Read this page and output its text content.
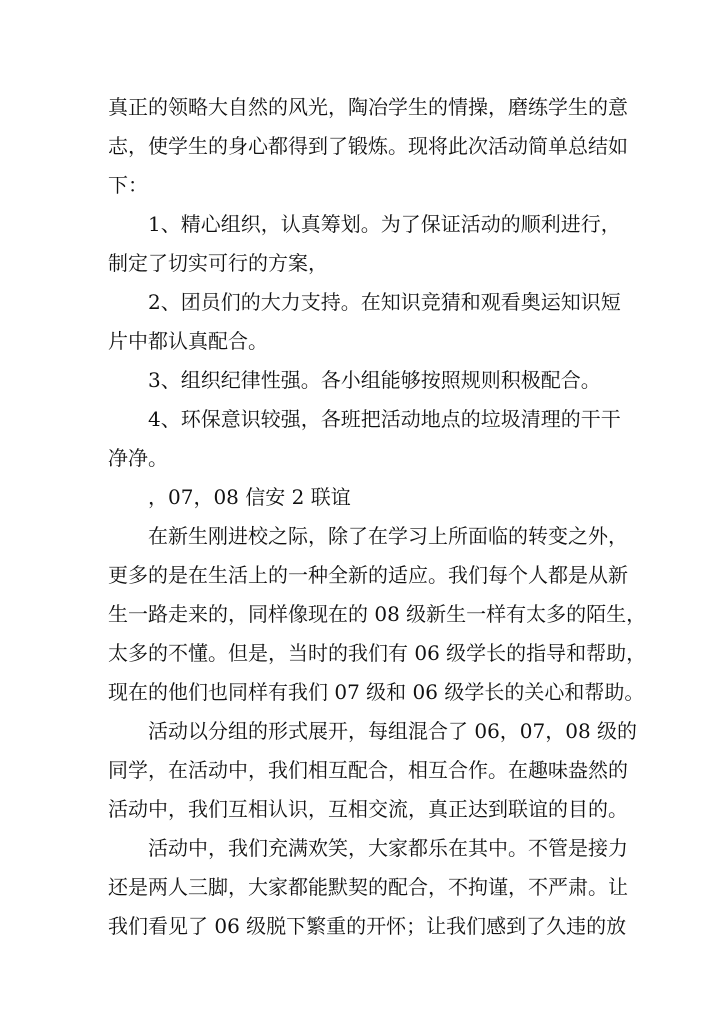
真正的领略大自然的风光，陶冶学生的情操，磨练学生的意
志，使学生的身心都得到了锻炼。现将此次活动简单总结如
下：
1、精心组织，认真筹划。为了保证活动的顺利进行，
制定了切实可行的方案，
2、团员们的大力支持。在知识竞猜和观看奥运知识短
片中都认真配合。
3、组织纪律性强。各小组能够按照规则积极配合。
4、环保意识较强，各班把活动地点的垃圾清理的干干
净净。
，07，08 信安 2 联谊
在新生刚进校之际，除了在学习上所面临的转变之外，
更多的是在生活上的一种全新的适应。我们每个人都是从新
生一路走来的，同样像现在的 08 级新生一样有太多的陌生，
太多的不懂。但是，当时的我们有 06 级学长的指导和帮助，
现在的他们也同样有我们 07 级和 06 级学长的关心和帮助。
活动以分组的形式展开，每组混合了 06，07，08 级的
同学，在活动中，我们相互配合，相互合作。在趣味盎然的
活动中，我们互相认识，互相交流，真正达到联谊的目的。
活动中，我们充满欢笑，大家都乐在其中。不管是接力
还是两人三脚，大家都能默契的配合，不拘谨，不严肃。让
我们看见了 06 级脱下繁重的开怀；让我们感到了久违的放
